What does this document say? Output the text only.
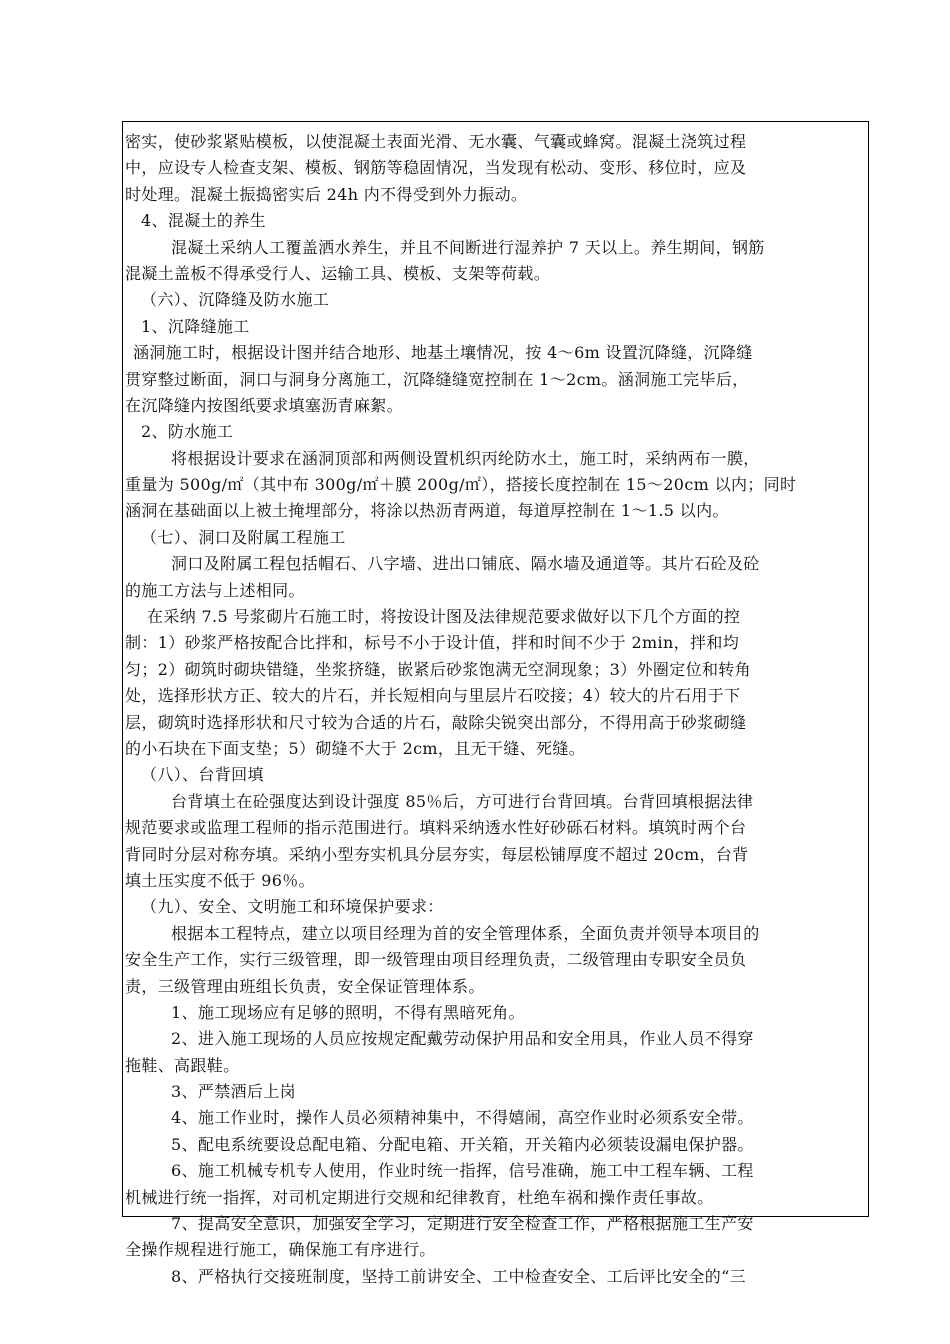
密实，使砂浆紧贴模板，以使混凝土表面光滑、无水囊、气囊或蜂窝。混凝土浇筑过程
中，应设专人检查支架、模板、钢筋等稳固情况，当发现有松动、变形、移位时，应及
时处理。混凝土振捣密实后 24h 内不得受到外力振动。
4、混凝土的养生
混凝土采纳人工覆盖洒水养生，并且不间断进行湿养护 7 天以上。养生期间，钢筋
混凝土盖板不得承受行人、运输工具、模板、支架等荷载。
（六）、沉降缝及防水施工
1、沉降缝施工
涵洞施工时，根据设计图并结合地形、地基土壤情况，按 4～6m 设置沉降缝，沉降缝
贯穿整过断面，洞口与洞身分离施工，沉降缝缝宽控制在 1～2cm。涵洞施工完毕后，
在沉降缝内按图纸要求填塞沥青麻絮。
2、防水施工
将根据设计要求在涵洞顶部和两侧设置机织丙纶防水土，施工时，采纳两布一膜，
重量为 500g/㎡（其中布 300g/㎡＋膜 200g/㎡），搭接长度控制在 15～20cm 以内；同时
涵洞在基础面以上被土掩埋部分，将涂以热沥青两道，每道厚控制在 1～1.5 以内。
（七）、洞口及附属工程施工
洞口及附属工程包括帽石、八字墙、进出口铺底、隔水墙及通道等。其片石砼及砼
的施工方法与上述相同。
在采纳 7.5 号浆砌片石施工时，将按设计图及法律规范要求做好以下几个方面的控
制：1）砂浆严格按配合比拌和，标号不小于设计值，拌和时间不少于 2min，拌和均
匀；2）砌筑时砌块错缝，坐浆挤缝，嵌紧后砂浆饱满无空洞现象；3）外圈定位和转角
处，选择形状方正、较大的片石，并长短相向与里层片石咬接；4）较大的片石用于下
层，砌筑时选择形状和尺寸较为合适的片石，敲除尖锐突出部分，不得用高于砂浆砌缝
的小石块在下面支垫；5）砌缝不大于 2cm，且无干缝、死缝。
（八）、台背回填
台背填土在砼强度达到设计强度 85％后，方可进行台背回填。台背回填根据法律
规范要求或监理工程师的指示范围进行。填料采纳透水性好砂砾石材料。填筑时两个台
背同时分层对称夯填。采纳小型夯实机具分层夯实，每层松铺厚度不超过 20cm，台背
填土压实度不低于 96％。
（九）、安全、文明施工和环境保护要求：
根据本工程特点，建立以项目经理为首的安全管理体系，全面负责并领导本项目的
安全生产工作，实行三级管理，即一级管理由项目经理负责，二级管理由专职安全员负
责，三级管理由班组长负责，安全保证管理体系。
1、施工现场应有足够的照明，不得有黑暗死角。
2、进入施工现场的人员应按规定配戴劳动保护用品和安全用具，作业人员不得穿
拖鞋、高跟鞋。
3、严禁酒后上岗
4、施工作业时，操作人员必须精神集中，不得嬉闹，高空作业时必须系安全带。
5、配电系统要设总配电箱、分配电箱、开关箱，开关箱内必须装设漏电保护器。
6、施工机械专机专人使用，作业时统一指挥，信号准确，施工中工程车辆、工程
机械进行统一指挥，对司机定期进行交规和纪律教育，杜绝车祸和操作责任事故。
7、提高安全意识，加强安全学习，定期进行安全检查工作，严格根据施工生产安
全操作规程进行施工，确保施工有序进行。
8、严格执行交接班制度，坚持工前讲安全、工中检查安全、工后评比安全的“三
